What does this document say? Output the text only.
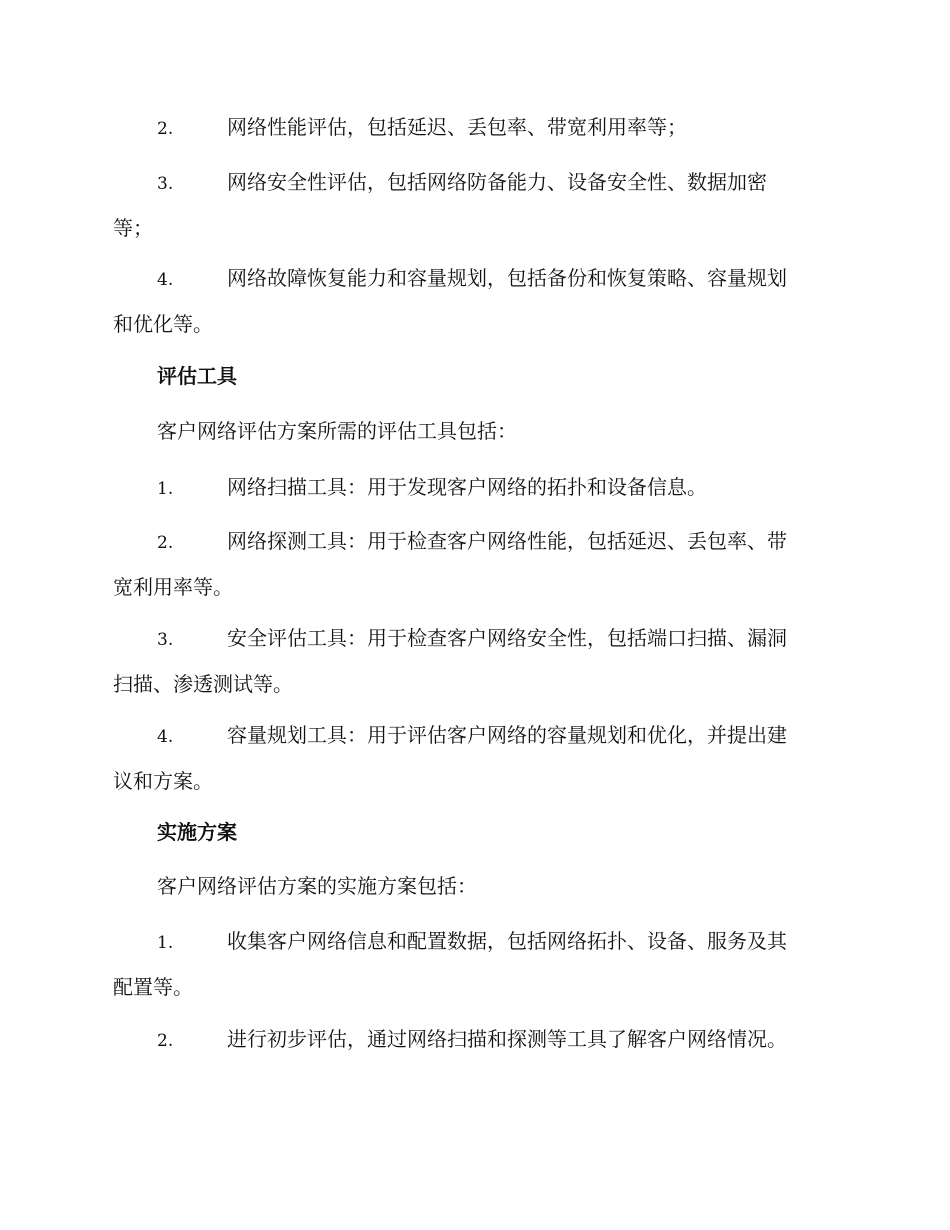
2.	网络性能评估，包括延迟、丢包率、带宽利用率等；
3.	网络安全性评估，包括网络防备能力、设备安全性、数据加密
等；
4.	网络故障恢复能力和容量规划，包括备份和恢复策略、容量规划
和优化等。
评估工具
客户网络评估方案所需的评估工具包括：
1.	网络扫描工具：用于发现客户网络的拓扑和设备信息。
2.	网络探测工具：用于检查客户网络性能，包括延迟、丢包率、带
宽利用率等。
3.	安全评估工具：用于检查客户网络安全性，包括端口扫描、漏洞
扫描、渗透测试等。
4.	容量规划工具：用于评估客户网络的容量规划和优化，并提出建
议和方案。
实施方案
客户网络评估方案的实施方案包括：
1.	收集客户网络信息和配置数据，包括网络拓扑、设备、服务及其
配置等。
2.	进行初步评估，通过网络扫描和探测等工具了解客户网络情况。
